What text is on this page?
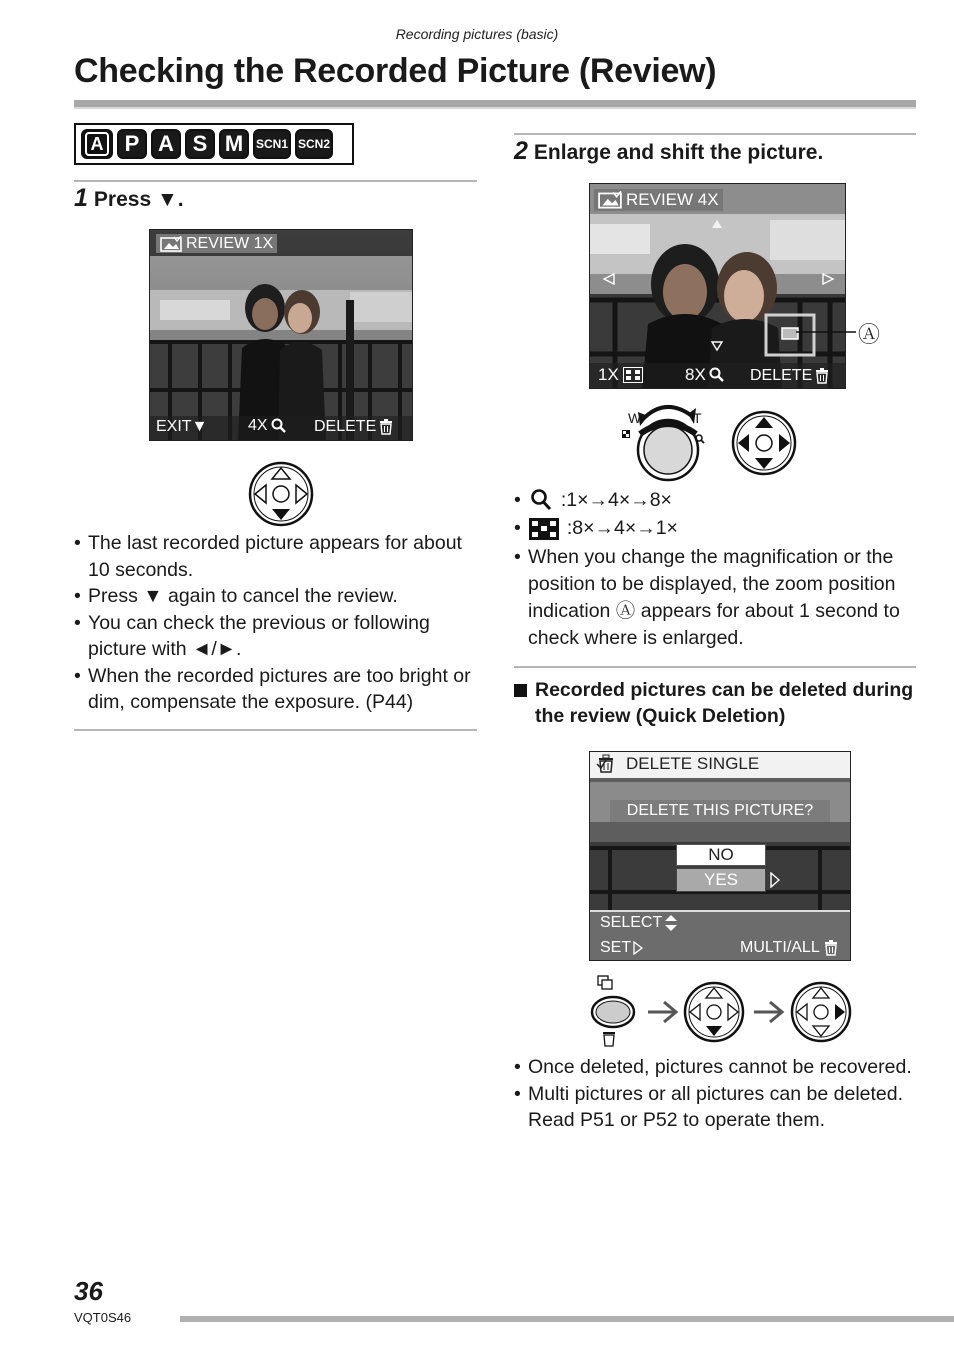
Recording pictures (basic)
Checking the Recorded Picture (Review)
A P A S M	SCN1 SCN2
1 Press ▼.
REVIEW 1X
EXIT▼	4X	DELETE
• The last recorded picture appears for about 10 seconds.
• Press ▼ again to cancel the review.
• You can check the previous or following picture with ◄/►.
• When the recorded pictures are too bright or dim, compensate the exposure. (P44)
2 Enlarge and shift the picture.
REVIEW 4X
1X	8X	DELETE
Ⓐ
W	T
• :1×→4×→8×
• :8×→4×→1×
• When you change the magnification or the position to be displayed, the zoom position indication Ⓐ appears for about 1 second to check where is enlarged.
Recorded pictures can be deleted during the review (Quick Deletion)
DELETE SINGLE
DELETE THIS PICTURE?
NO
YES
SELECT
SET	MULTI/ALL
• Once deleted, pictures cannot be recovered.
• Multi pictures or all pictures can be deleted. Read P51 or P52 to operate them.
36
VQT0S46
